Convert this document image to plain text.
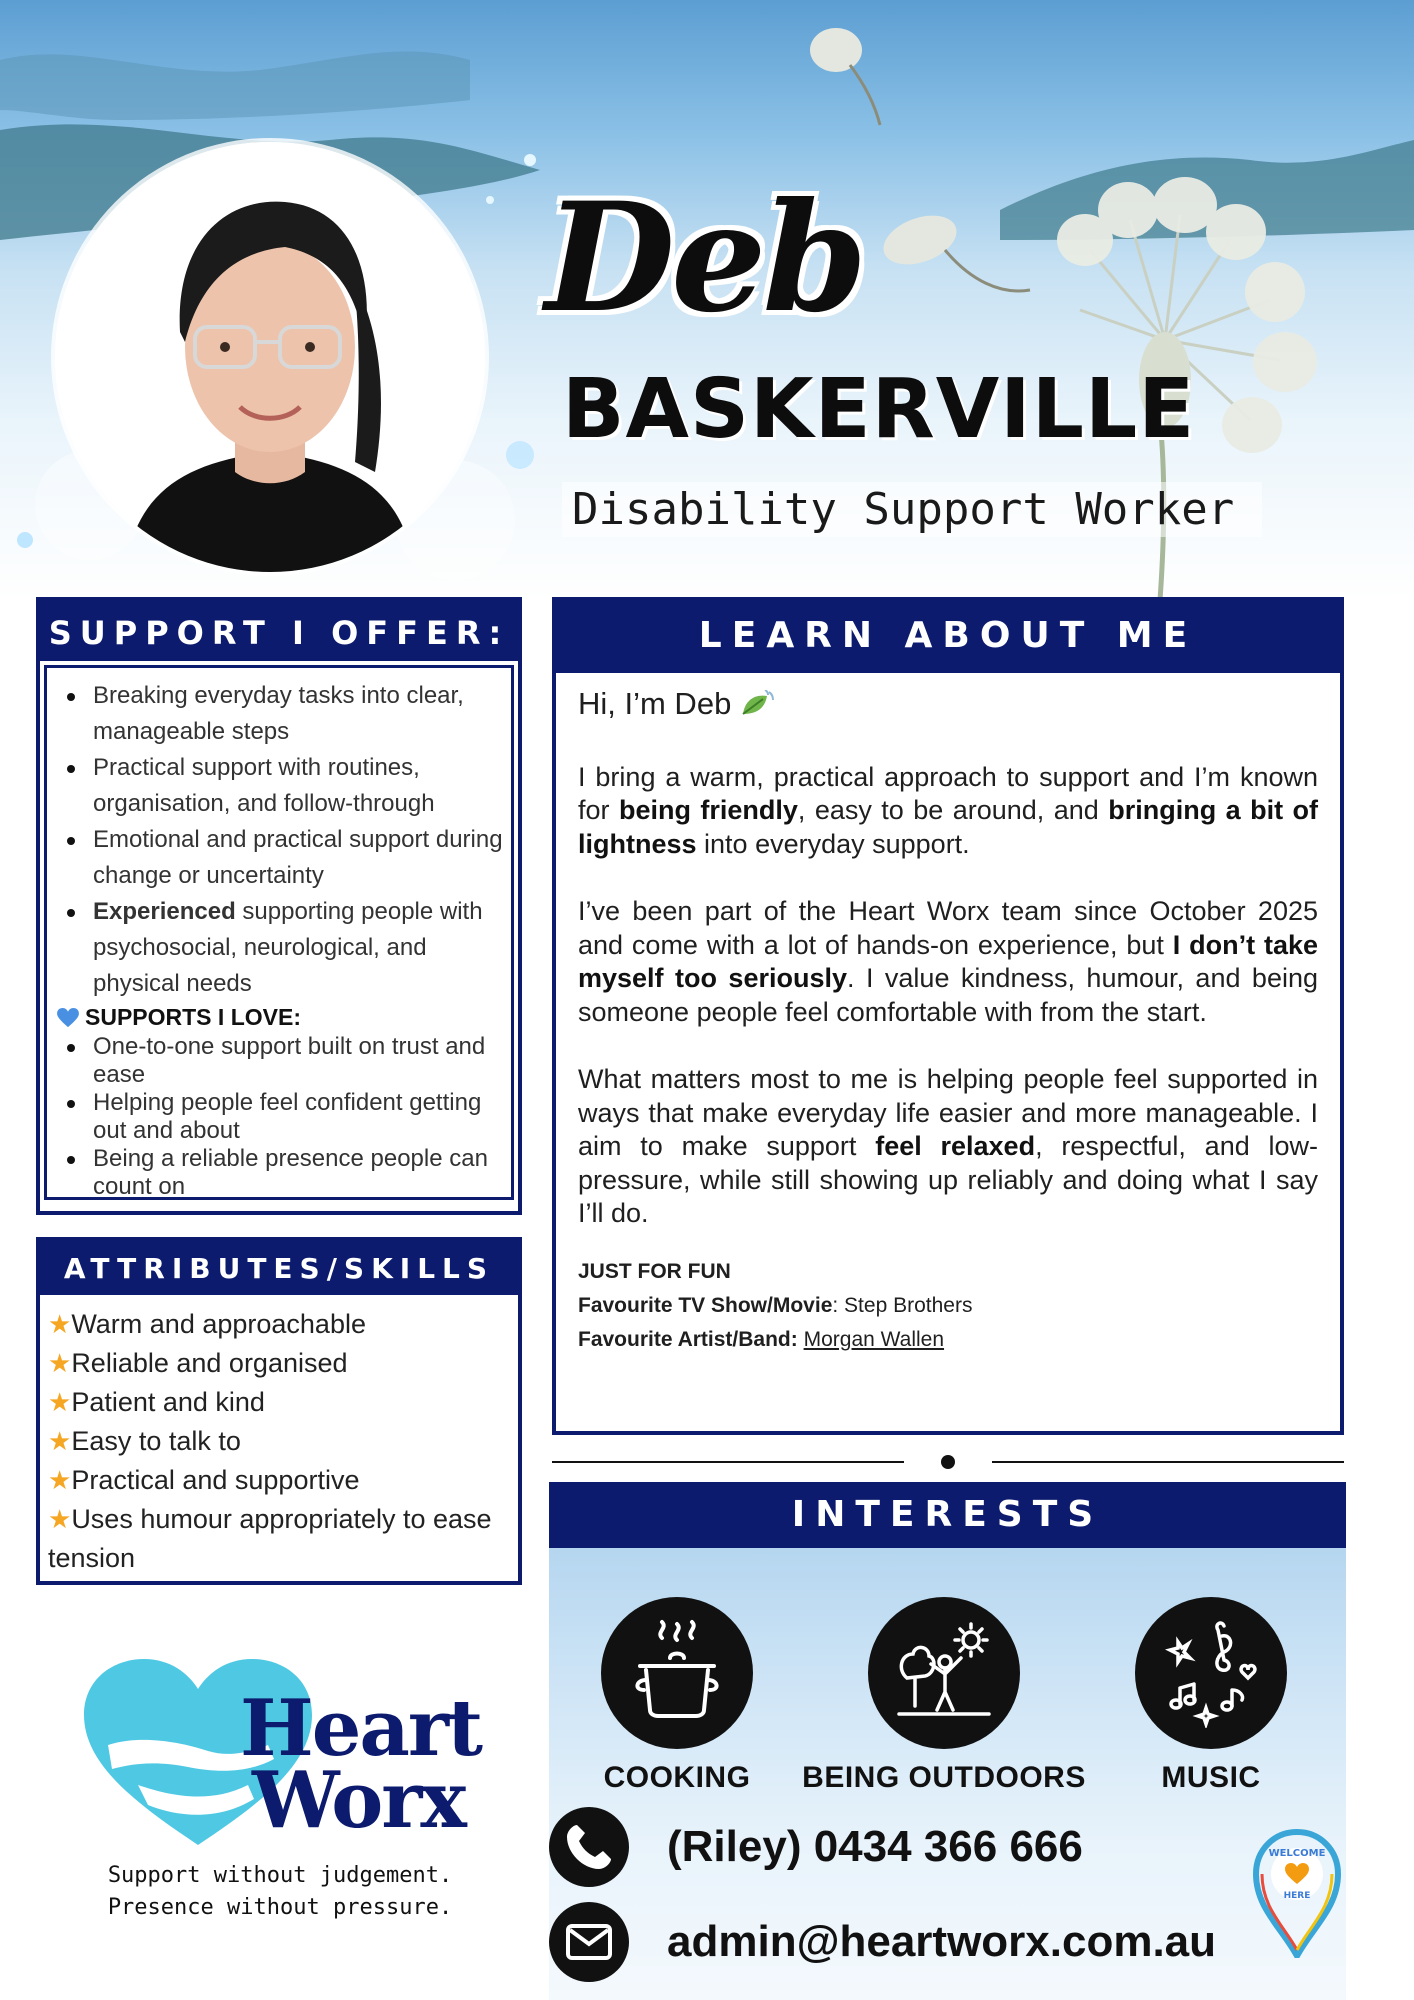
Deb
BASKERVILLE
Disability Support Worker
SUPPORT I OFFER:
Breaking everyday tasks into clear, manageable steps
Practical support with routines, organisation, and follow-through
Emotional and practical support during change or uncertainty
Experienced supporting people with psychosocial, neurological, and physical needs
SUPPORTS I LOVE:
One-to-one support built on trust and ease
Helping people feel confident getting out and about
Being a reliable presence people can count on
ATTRIBUTES/SKILLS
★Warm and approachable
★Reliable and organised
★Patient and kind
★Easy to talk to
★Practical and supportive
★Uses humour appropriately to ease
tension
LEARN ABOUT ME
Hi, I’m Deb

I bring a warm, practical approach to support and I’m known for being friendly, easy to be around, and bringing a bit of lightness into everyday support.

I’ve been part of the Heart Worx team since October 2025 and come with a lot of hands-on experience, but I don’t take myself too seriously. I value kindness, humour, and being someone people feel comfortable with from the start.

What matters most to me is helping people feel supported in ways that make everyday life easier and more manageable. I aim to make support feel relaxed, respectful, and low-pressure, while still showing up reliably and doing what I say I’ll do.

JUST FOR FUN
Favourite TV Show/Movie: Step Brothers
Favourite Artist/Band: Morgan Wallen
INTERESTS
COOKING	BEING OUTDOORS	MUSIC
(Riley) 0434 366 666
admin@heartworx.com.au
Heart
Worx
Support without judgement.
Presence without pressure.
WELCOME
HERE
